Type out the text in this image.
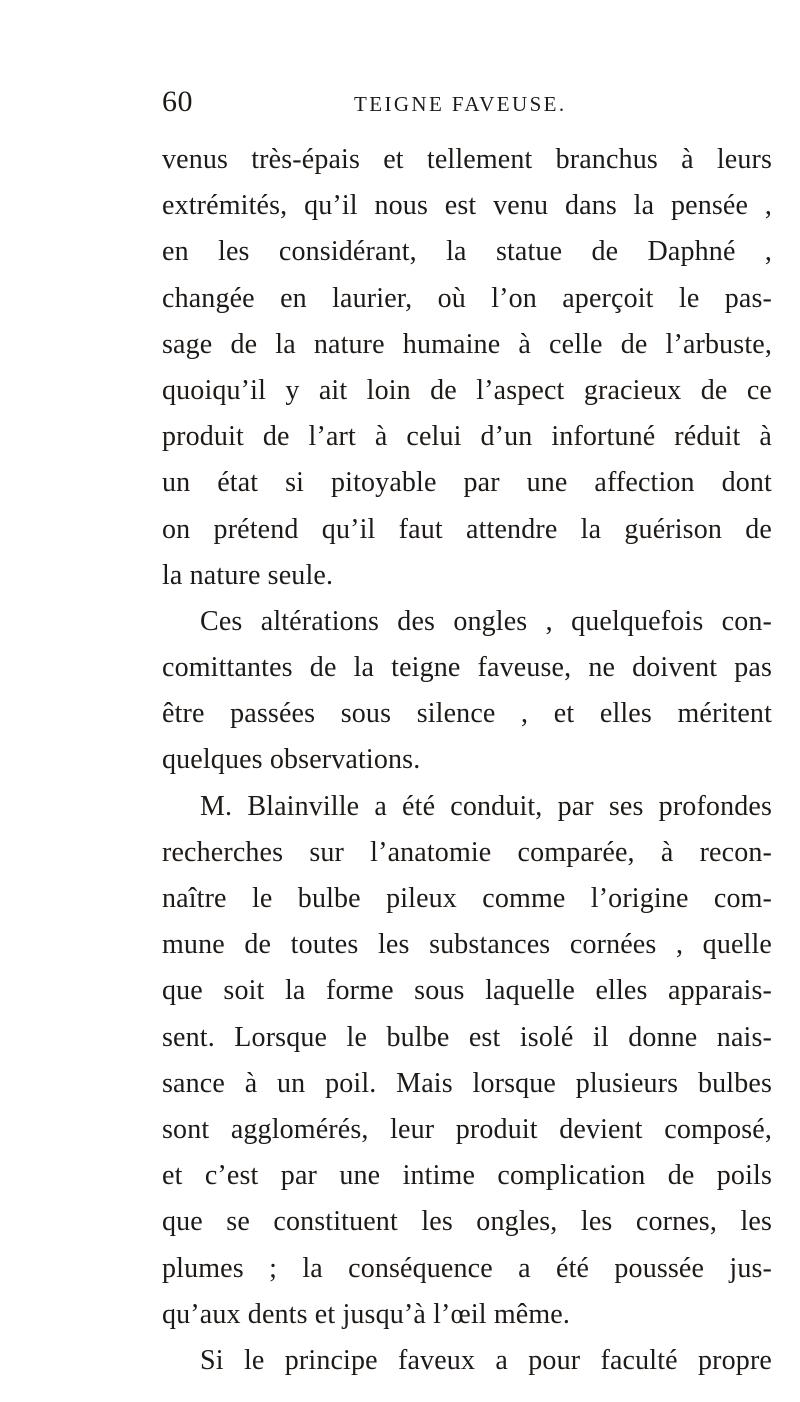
60	TEIGNE FAVEUSE.
venus très-épais et tellement branchus à leurs
extrémités, qu’il nous est venu dans la pensée ,
en les considérant, la statue de Daphné ,
changée en laurier, où l’on aperçoit le pas-
sage de la nature humaine à celle de l’arbuste,
quoiqu’il y ait loin de l’aspect gracieux de ce
produit de l’art à celui d’un infortuné réduit à
un état si pitoyable par une affection dont
on prétend qu’il faut attendre la guérison de
la nature seule.
Ces altérations des ongles , quelquefois con-
comittantes de la teigne faveuse, ne doivent pas
être passées sous silence , et elles méritent
quelques observations.
M. Blainville a été conduit, par ses profondes
recherches sur l’anatomie comparée, à recon-
naître le bulbe pileux comme l’origine com-
mune de toutes les substances cornées , quelle
que soit la forme sous laquelle elles apparais-
sent. Lorsque le bulbe est isolé il donne nais-
sance à un poil. Mais lorsque plusieurs bulbes
sont agglomérés, leur produit devient composé,
et c’est par une intime complication de poils
que se constituent les ongles, les cornes, les
plumes ; la conséquence a été poussée jus-
qu’aux dents et jusqu’à l’œil même.
Si le principe faveux a pour faculté propre
